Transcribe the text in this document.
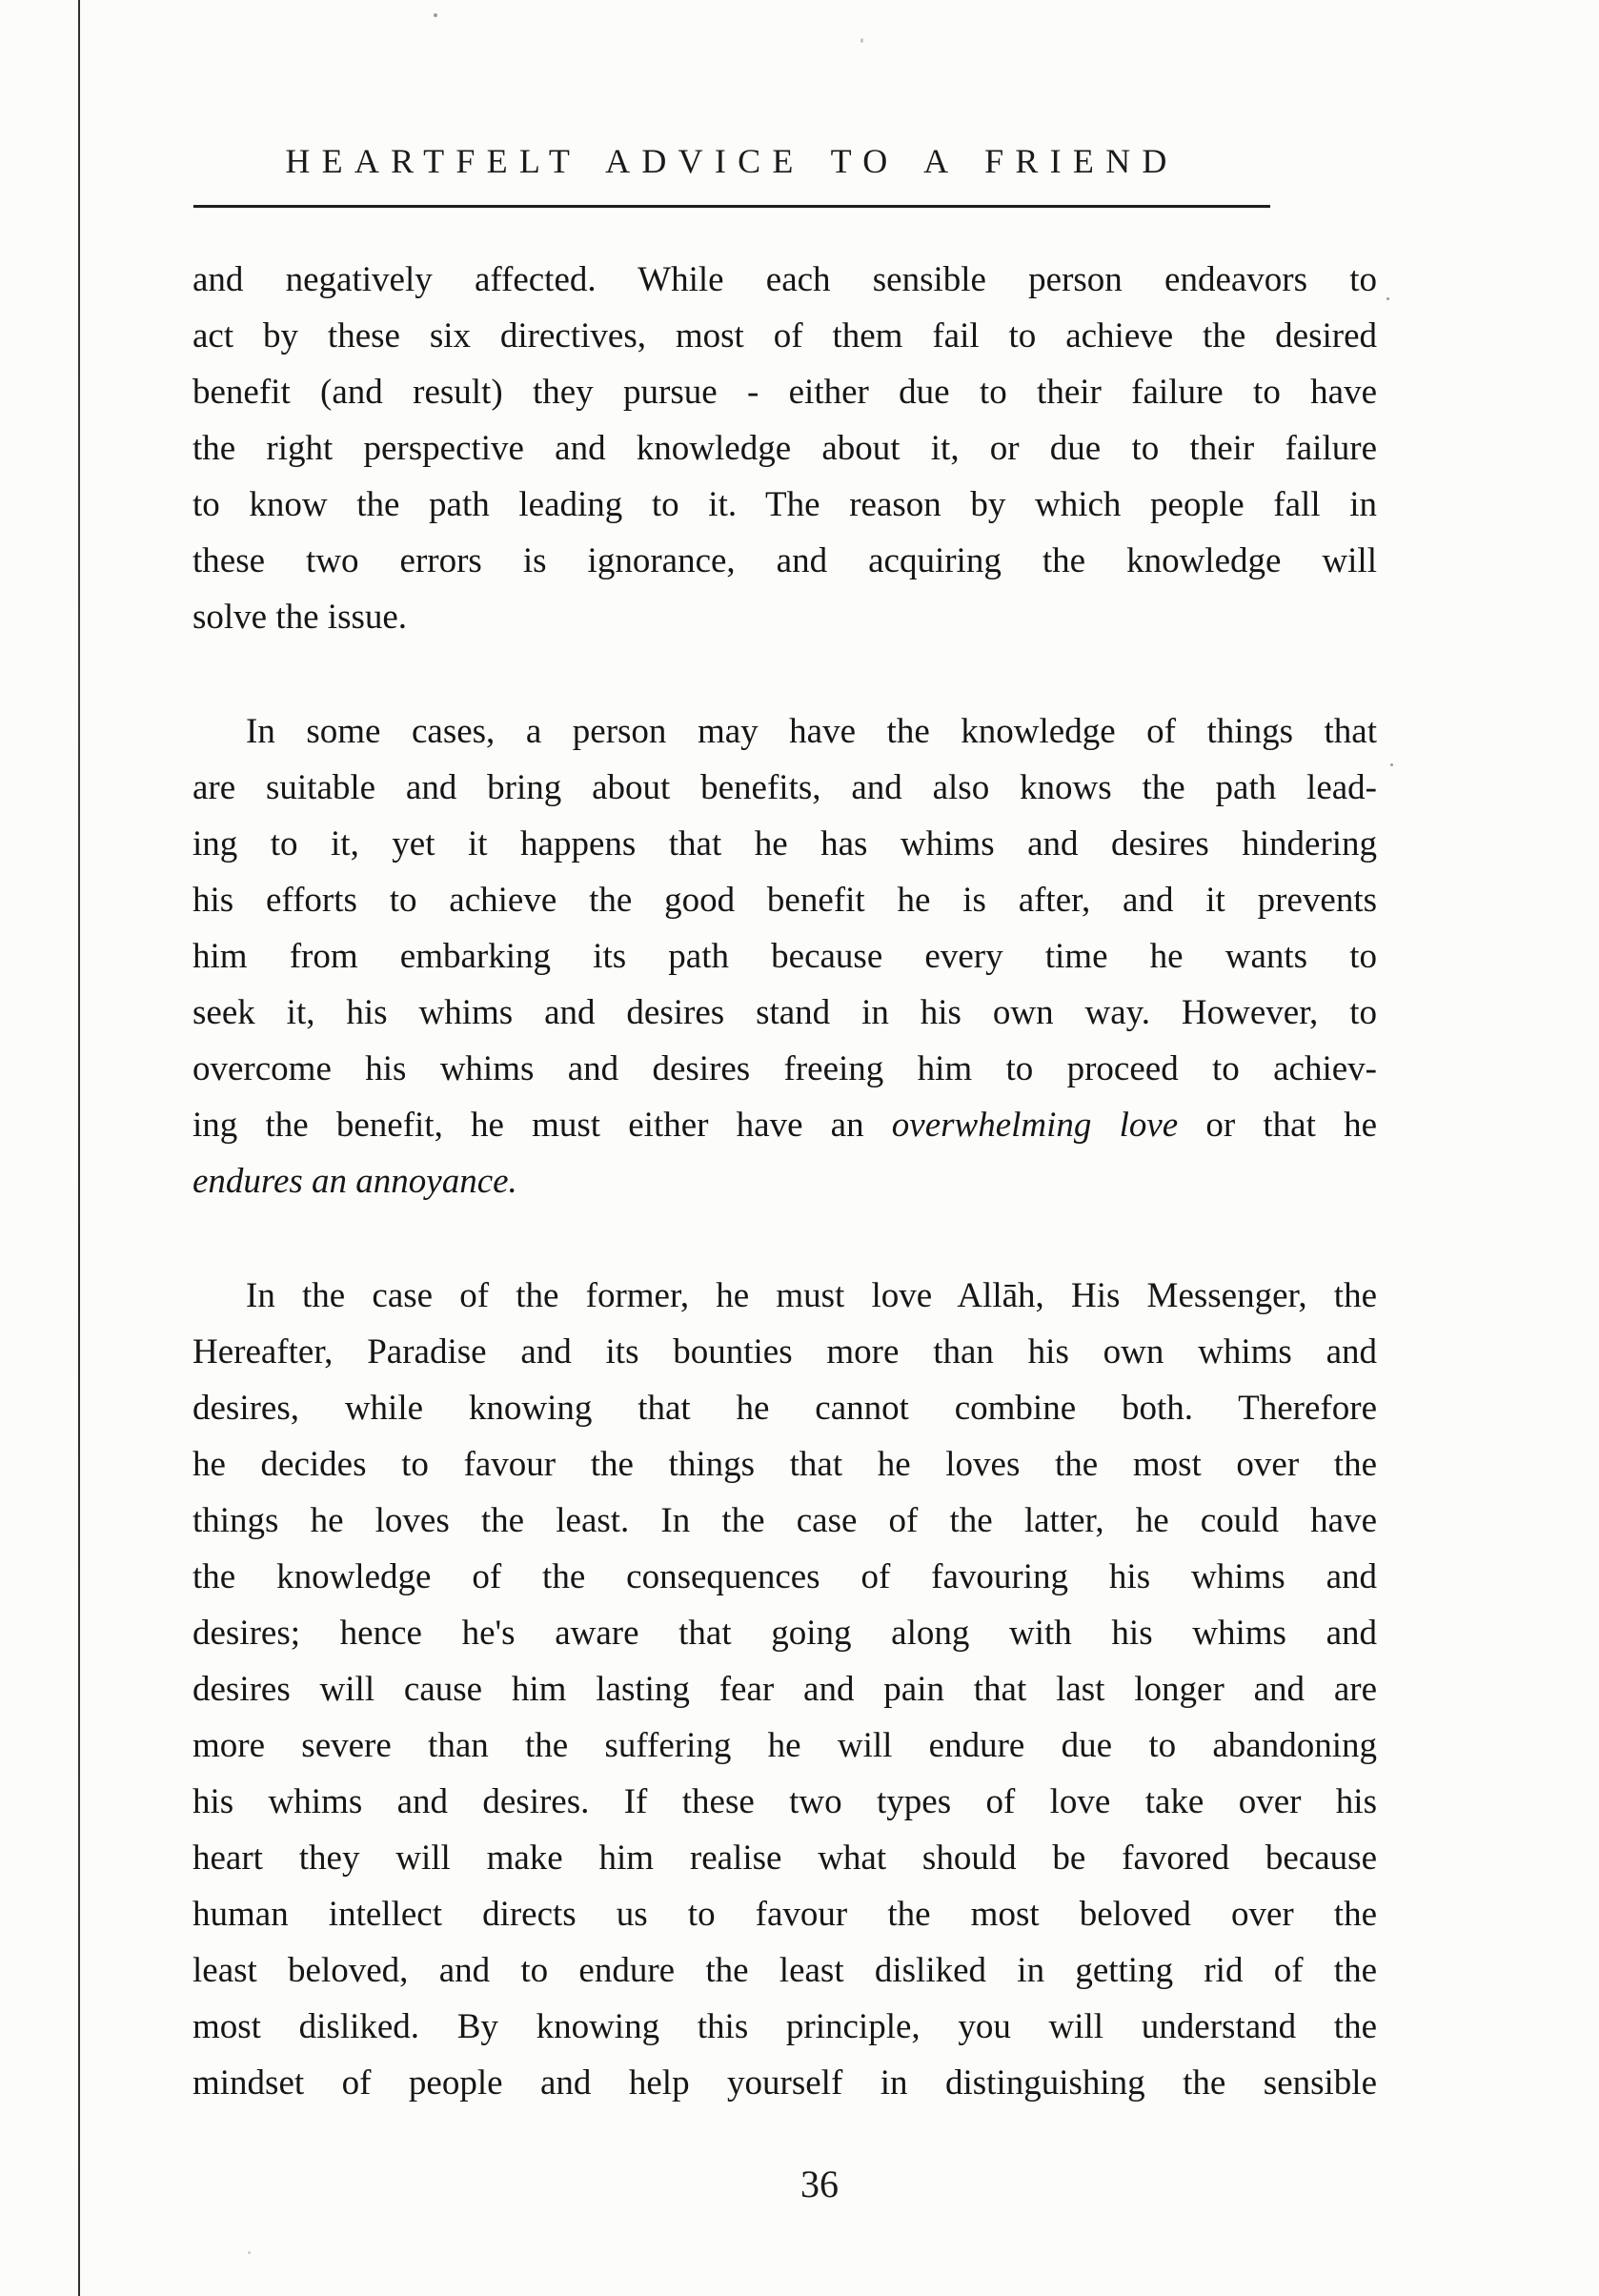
HEARTFELT ADVICE TO A FRIEND
and negatively affected. While each sensible person endeavors to
act by these six directives, most of them fail to achieve the desired
benefit (and result) they pursue - either due to their failure to have
the right perspective and knowledge about it, or due to their failure
to know the path leading to it. The reason by which people fall in
these two errors is ignorance, and acquiring the knowledge will
solve the issue.
In some cases, a person may have the knowledge of things that
are suitable and bring about benefits, and also knows the path lead-
ing to it, yet it happens that he has whims and desires hindering
his efforts to achieve the good benefit he is after, and it prevents
him from embarking its path because every time he wants to
seek it, his whims and desires stand in his own way. However, to
overcome his whims and desires freeing him to proceed to achiev-
ing the benefit, he must either have an overwhelming love or that he
endures an annoyance.
In the case of the former, he must love Allāh, His Messenger, the
Hereafter, Paradise and its bounties more than his own whims and
desires, while knowing that he cannot combine both. Therefore
he decides to favour the things that he loves the most over the
things he loves the least. In the case of the latter, he could have
the knowledge of the consequences of favouring his whims and
desires; hence he's aware that going along with his whims and
desires will cause him lasting fear and pain that last longer and are
more severe than the suffering he will endure due to abandoning
his whims and desires. If these two types of love take over his
heart they will make him realise what should be favored because
human intellect directs us to favour the most beloved over the
least beloved, and to endure the least disliked in getting rid of the
most disliked. By knowing this principle, you will understand the
mindset of people and help yourself in distinguishing the sensible
36
